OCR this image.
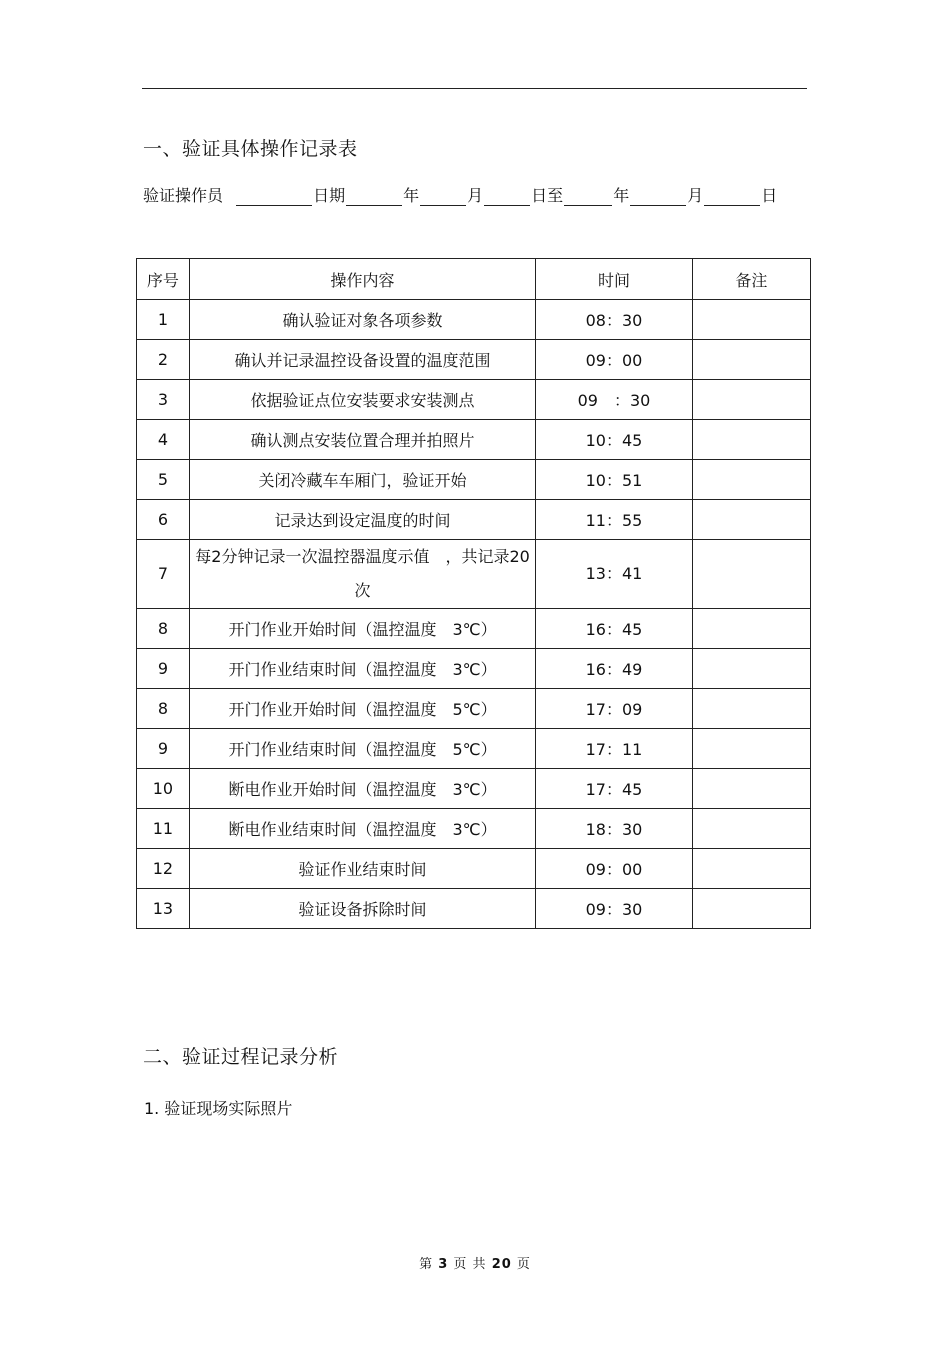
一、验证具体操作记录表
验证操作员	日期	年	月	日至	年	月	日
序号	操作内容	时间	备注
1	确认验证对象各项参数	08：30	
2	确认并记录温控设备设置的温度范围	09：00	
3	依据验证点位安装要求安装测点	09　：30	
4	确认测点安装位置合理并拍照片	10：45	
5	关闭冷藏车车厢门，验证开始	10：51	
6	记录达到设定温度的时间	11：55	
7	每2分钟记录一次温控器温度示值　，共记录20次	13：41	
8	开门作业开始时间（温控温度　3℃）	16：45	
9	开门作业结束时间（温控温度　3℃）	16：49	
8	开门作业开始时间（温控温度　5℃）	17：09	
9	开门作业结束时间（温控温度　5℃）	17：11	
10	断电作业开始时间（温控温度　3℃）	17：45	
11	断电作业结束时间（温控温度　3℃）	18：30	
12	验证作业结束时间	09：00	
13	验证设备拆除时间	09：30	
二、验证过程记录分析
1. 验证现场实际照片
第 3 页 共 20 页
